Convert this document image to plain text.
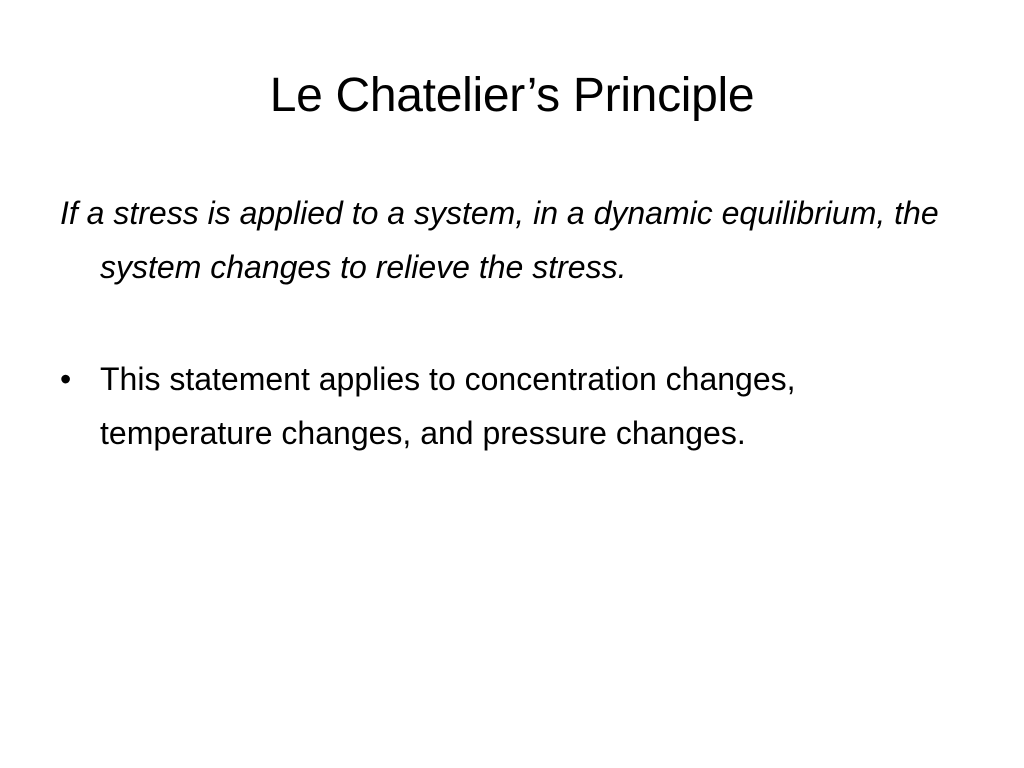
Le Chatelier’s Principle

If a stress is applied to a system, in a dynamic equilibrium, the system changes to relieve the stress.

• This statement applies to concentration changes, temperature changes, and pressure changes.
